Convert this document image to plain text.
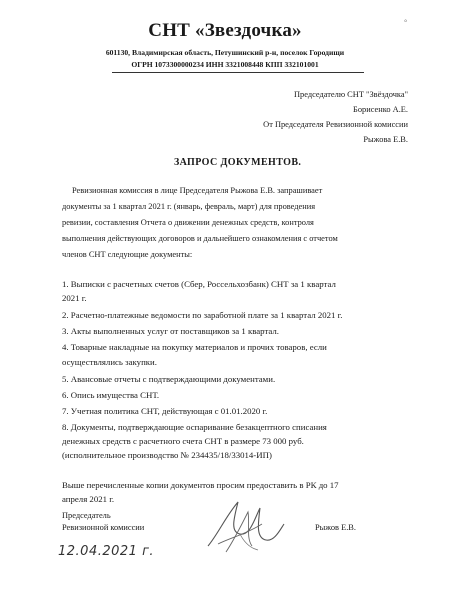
°

СНТ «Звездочка»

601130, Владимирская область, Петушинский р-н, поселок Городищи

ОГРН 1073300000234 ИНН 3321008448 КПП 332101001

Председателю СНТ "Звёздочка"

Борисенко А.Е.

От Председателя Ревизионной комиссии

Рыжова Е.В.

ЗАПРОС ДОКУМЕНТОВ.

Ревизионная комиссия в лице Председателя Рыжова Е.В. запрашивает

документы за 1 квартал 2021 г. (январь, февраль, март) для проведения

ревизии, составления Отчета о движении денежных средств, контроля

выполнения действующих договоров и дальнейшего ознакомления с отчетом

членов СНТ следующие документы:

1. Выписки с расчетных счетов (Сбер, Россельхозбанк) СНТ за 1 квартал

2021 г.

2. Расчетно-платежные ведомости по заработной плате за 1 квартал 2021 г.

3. Акты выполненных услуг от поставщиков за 1 квартал.

4. Товарные накладные на покупку материалов и прочих товаров, если

осуществлялись закупки.

5. Авансовые отчеты с подтверждающими документами.

6. Опись имущества СНТ.

7. Учетная политика СНТ, действующая с 01.01.2020 г.

8. Документы, подтверждающие оспаривание безакцептного списания

денежных средств с расчетного счета СНТ в размере 73 000 руб.

(исполнительное производство № 234435/18/33014-ИП)

Выше перечисленные копии документов просим предоставить в РК до 17

апреля 2021 г.

Председатель

Ревизионной комиссии	Рыжов Е.В.

12.04.2021 г.
